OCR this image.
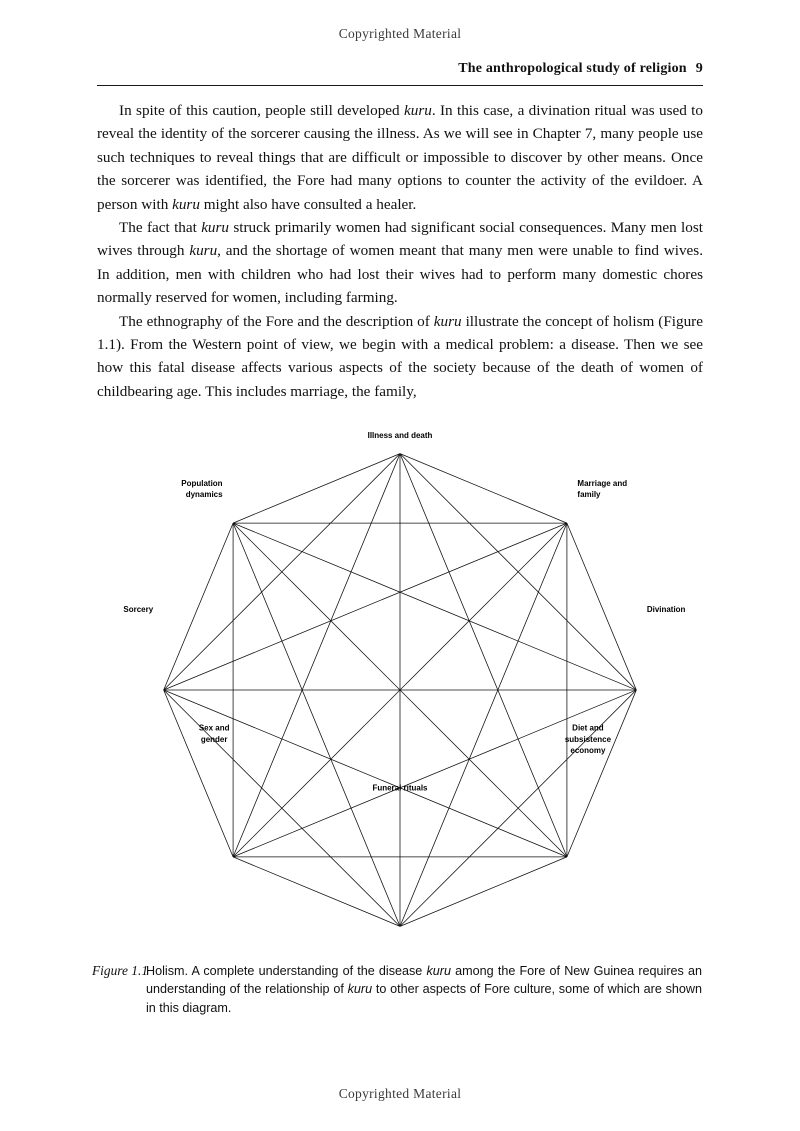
Copyrighted Material
The anthropological study of religion 9

In spite of this caution, people still developed kuru. In this case, a divination ritual was used to reveal the identity of the sorcerer causing the illness. As we will see in Chapter 7, many people use such techniques to reveal things that are difficult or impossible to discover by other means. Once the sorcerer was identified, the Fore had many options to counter the activity of the evildoer. A person with kuru might also have consulted a healer.

The fact that kuru struck primarily women had significant social consequences. Many men lost wives through kuru, and the shortage of women meant that many men were unable to find wives. In addition, men with children who had lost their wives had to perform many domestic chores normally reserved for women, including farming.

The ethnography of the Fore and the description of kuru illustrate the concept of holism (Figure 1.1). From the Western point of view, we begin with a medical problem: a disease. Then we see how this fatal disease affects various aspects of the society because of the death of women of childbearing age. This includes marriage, the family,

Illness and death
Marriage and family
Divination
Diet and subsistence economy
Funeral rituals
Sex and gender
Sorcery
Population dynamics
Figure 1.1
Holism. A complete understanding of the disease kuru among the Fore of New Guinea requires an understanding of the relationship of kuru to other aspects of Fore culture, some of which are shown in this diagram.
Copyrighted Material
